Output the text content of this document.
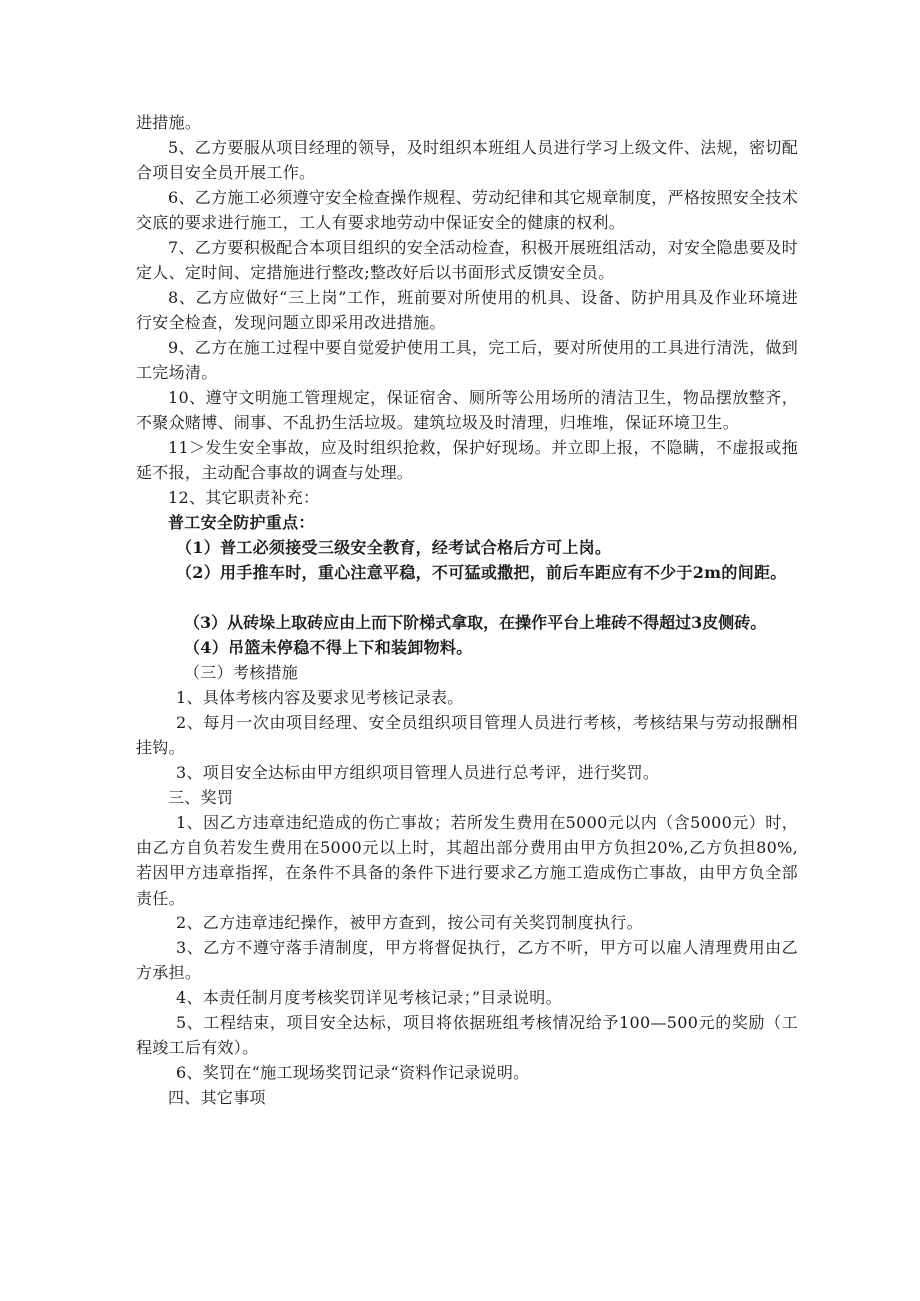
进措施。

5、乙方要服从项目经理的领导，及时组织本班组人员进行学习上级文件、法规，密切配合项目安全员开展工作。

6、乙方施工必须遵守安全检查操作规程、劳动纪律和其它规章制度，严格按照安全技术交底的要求进行施工，工人有要求地劳动中保证安全的健康的权利。

7、乙方要积极配合本项目组织的安全活动检查，积极开展班组活动，对安全隐患要及时定人、定时间、定措施进行整改;整改好后以书面形式反馈安全员。

8、乙方应做好“三上岗”工作，班前要对所使用的机具、设备、防护用具及作业环境进行安全检查，发现问题立即采用改进措施。

9、乙方在施工过程中要自觉爱护使用工具，完工后，要对所使用的工具进行清洗，做到工完场清。

10、遵守文明施工管理规定，保证宿舍、厕所等公用场所的清洁卫生，物品摆放整齐，不聚众赌博、闹事、不乱扔生活垃圾。建筑垃圾及时清理，归堆堆，保证环境卫生。

11＞发生安全事故，应及时组织抢救，保护好现场。并立即上报，不隐瞒，不虚报或拖延不报，主动配合事故的调查与处理。

12、其它职责补充：
普工安全防护重点：
（1）普工必须接受三级安全教育，经考试合格后方可上岗。

（2）用手推车时，重心注意平稳，不可猛或撒把，前后车距应有不少于2m的间距。

（3）从砖垛上取砖应由上而下阶梯式拿取，在操作平台上堆砖不得超过3皮侧砖。
（4）吊篮未停稳不得上下和装卸物料。
（三）考核措施
1、具体考核内容及要求见考核记录表。

2、每月一次由项目经理、安全员组织项目管理人员进行考核，考核结果与劳动报酬相挂钩。

3、项目安全达标由甲方组织项目管理人员进行总考评，进行奖罚。
三、奖罚

1、因乙方违章违纪造成的伤亡事故；若所发生费用在5000元以内（含5000元）时，由乙方自负若发生费用在5000元以上时，其超出部分费用由甲方负担20%,乙方负担80%,若因甲方违章指挥，在条件不具备的条件下进行要求乙方施工造成伤亡事故，由甲方负全部责任。

2、乙方违章违纪操作，被甲方查到，按公司有关奖罚制度执行。

3、乙方不遵守落手清制度，甲方将督促执行，乙方不听，甲方可以雇人清理费用由乙方承担。

4、本责任制月度考核奖罚详见考核记录；”目录说明。

5、工程结束，项目安全达标，项目将依据班组考核情况给予100—500元的奖励（工程竣工后有效）。

6、奖罚在“施工现场奖罚记录“资料作记录说明。
四、其它事项
